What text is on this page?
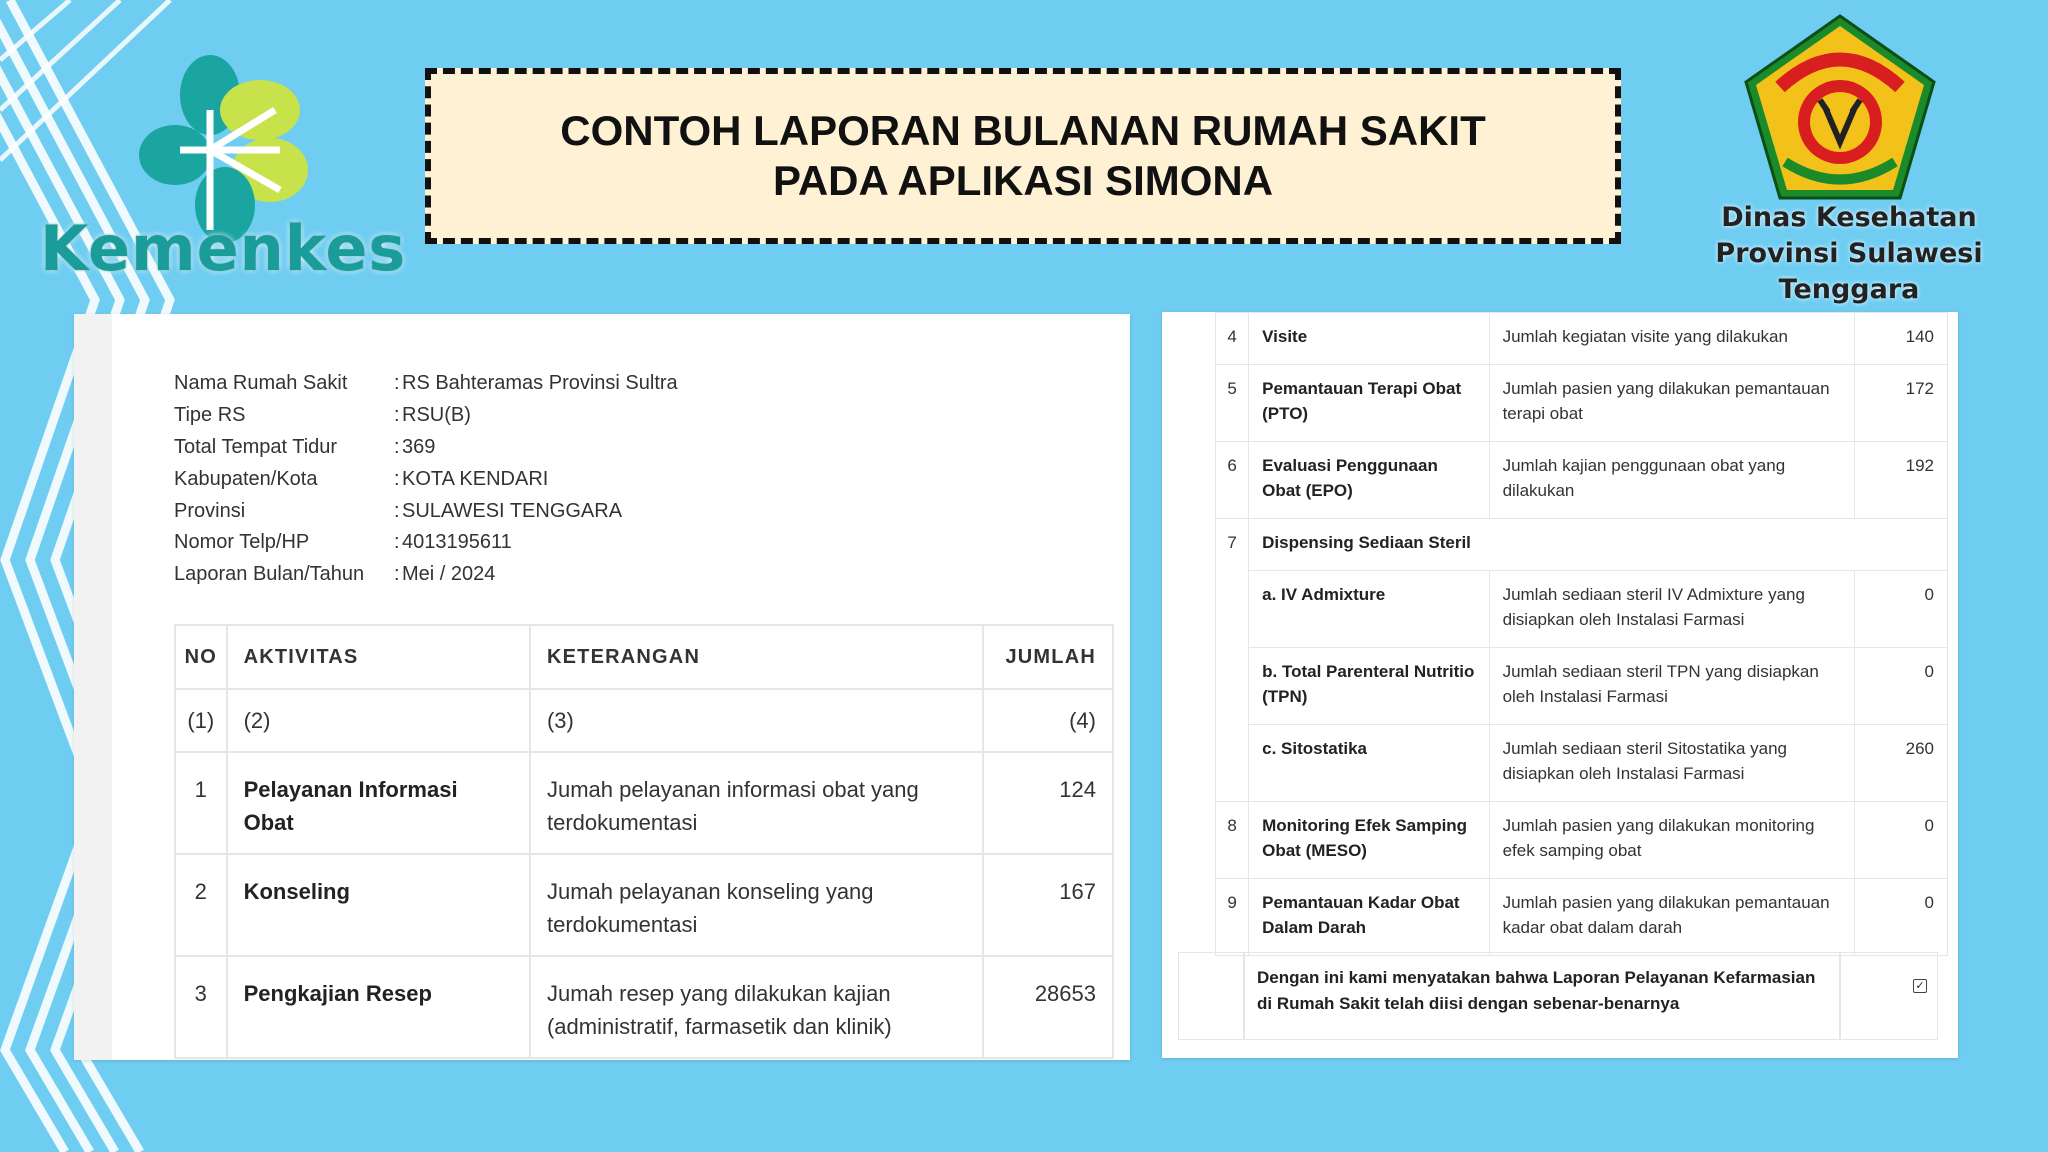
Kemenkes
CONTOH LAPORAN BULANAN RUMAH SAKIT
PADA APLIKASI SIMONA
Dinas Kesehatan
Provinsi Sulawesi Tenggara
Nama Rumah Sakit	: RS Bahteramas Provinsi Sultra
Tipe RS	: RSU(B)
Total Tempat Tidur	: 369
Kabupaten/Kota	: KOTA KENDARI
Provinsi	: SULAWESI TENGGARA
Nomor Telp/HP	: 4013195611
Laporan Bulan/Tahun	: Mei / 2024
NO	AKTIVITAS	KETERANGAN	JUMLAH
(1)	(2)	(3)	(4)
1	Pelayanan Informasi Obat	Jumah pelayanan informasi obat yang terdokumentasi	124
2	Konseling	Jumah pelayanan konseling yang terdokumentasi	167
3	Pengkajian Resep	Jumah resep yang dilakukan kajian (administratif, farmasetik dan klinik)	28653
4	Visite	Jumlah kegiatan visite yang dilakukan	140
5	Pemantauan Terapi Obat (PTO)	Jumlah pasien yang dilakukan pemantauan terapi obat	172
6	Evaluasi Penggunaan Obat (EPO)	Jumlah kajian penggunaan obat yang dilakukan	192
7	Dispensing Sediaan Steril		
	a. IV Admixture	Jumlah sediaan steril IV Admixture yang disiapkan oleh Instalasi Farmasi	0
	b. Total Parenteral Nutritio (TPN)	Jumlah sediaan steril TPN yang disiapkan oleh Instalasi Farmasi	0
	c. Sitostatika	Jumlah sediaan steril Sitostatika yang disiapkan oleh Instalasi Farmasi	260
8	Monitoring Efek Samping Obat (MESO)	Jumlah pasien yang dilakukan monitoring efek samping obat	0
9	Pemantauan Kadar Obat Dalam Darah	Jumlah pasien yang dilakukan pemantauan kadar obat dalam darah	0
Dengan ini kami menyatakan bahwa Laporan Pelayanan Kefarmasian di Rumah Sakit telah diisi dengan sebenar-benarnya
✓
